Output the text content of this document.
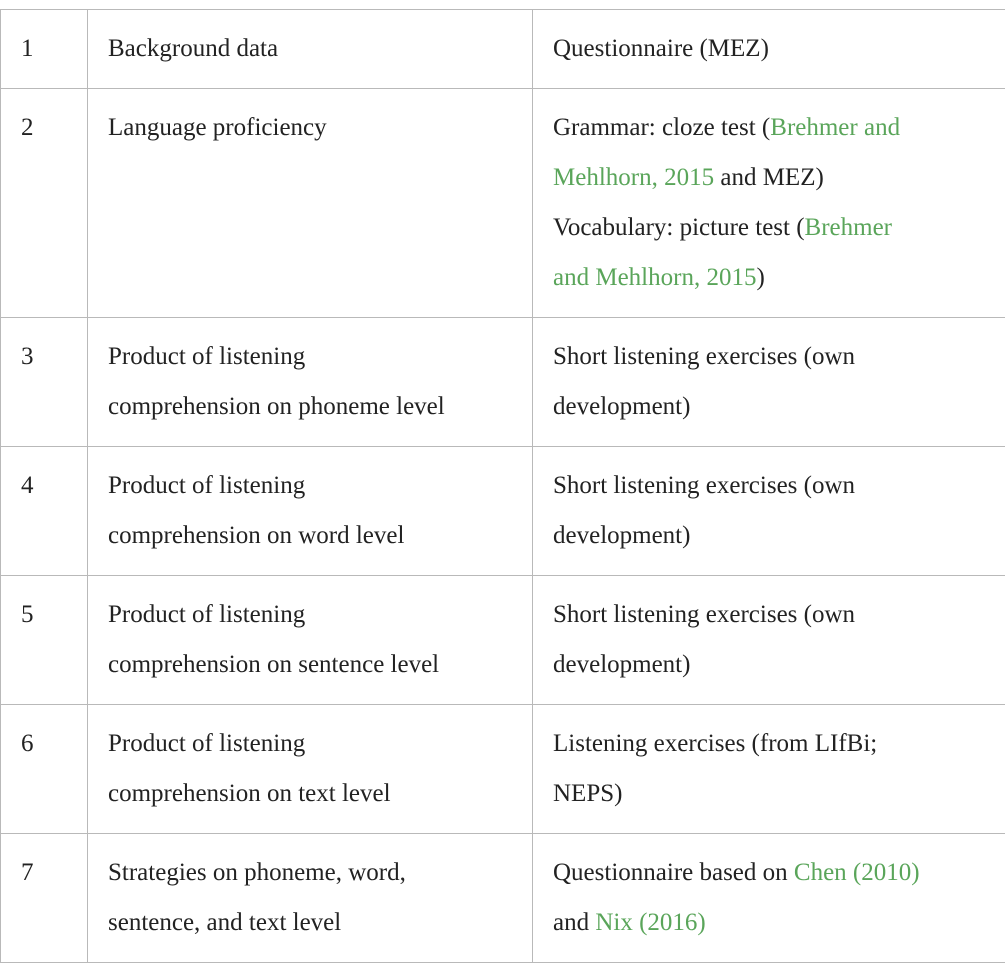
1	Background data	Questionnaire (MEZ)

2	Language proficiency	Grammar: cloze test (Brehmer and
Mehlhorn, 2015 and MEZ)
Vocabulary: picture test (Brehmer
and Mehlhorn, 2015)

3	Product of listening
comprehension on phoneme level	Short listening exercises (own
development)

4	Product of listening
comprehension on word level	Short listening exercises (own
development)

5	Product of listening
comprehension on sentence level	Short listening exercises (own
development)

6	Product of listening
comprehension on text level	Listening exercises (from LIfBi;
NEPS)

7	Strategies on phoneme, word,
sentence, and text level	Questionnaire based on Chen (2010)
and Nix (2016)
